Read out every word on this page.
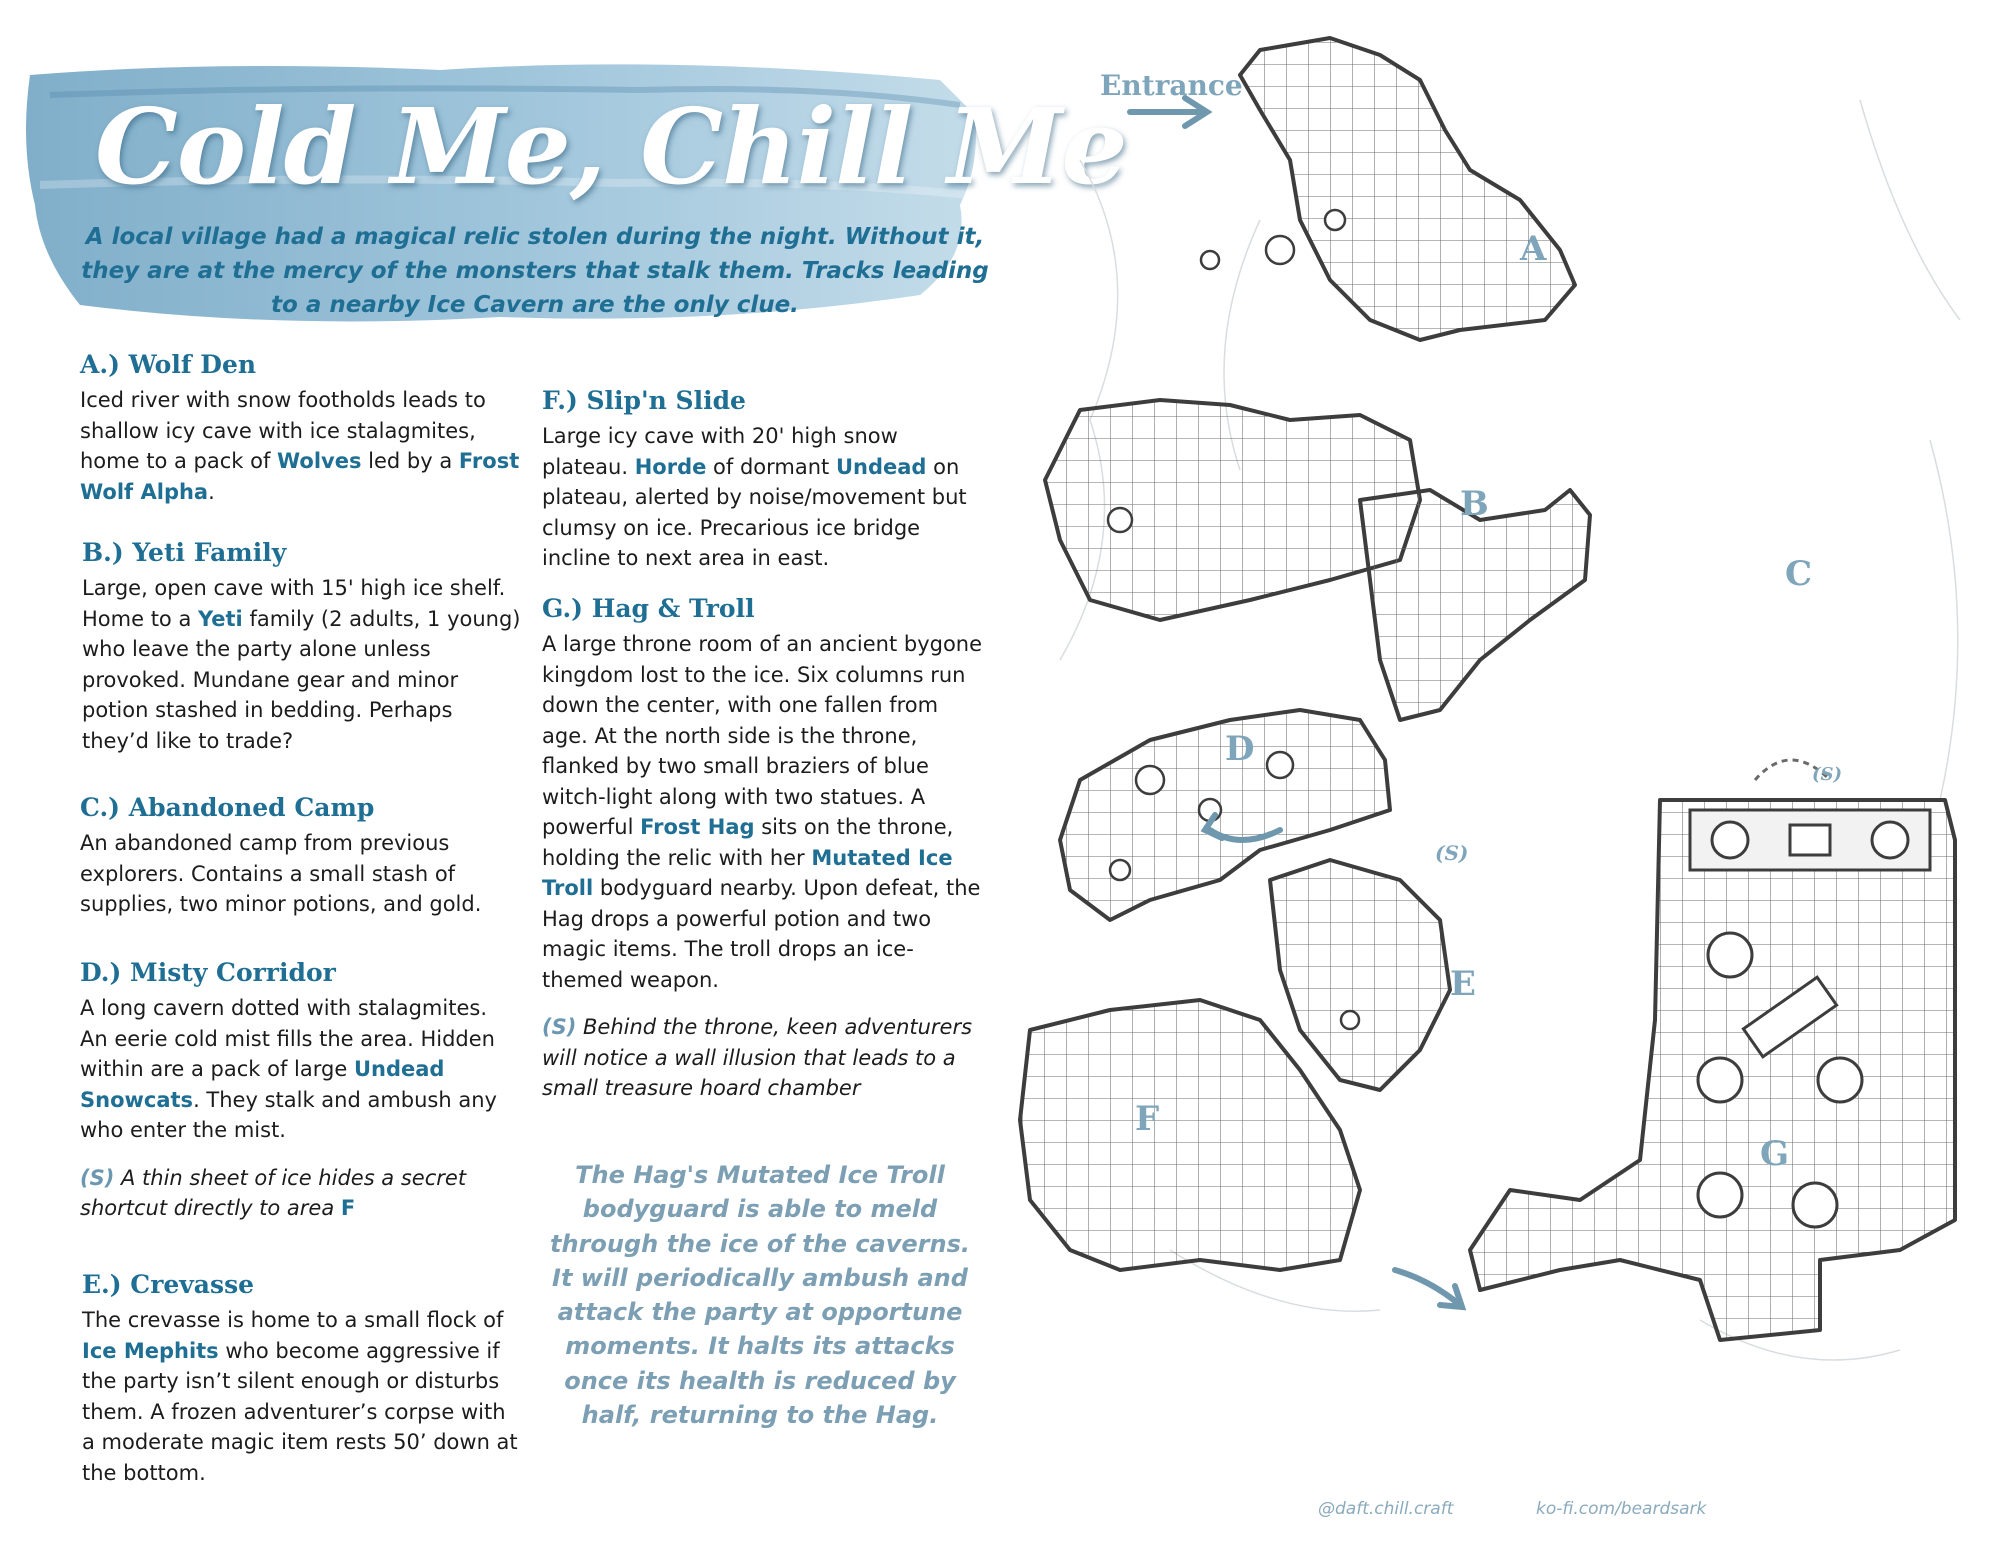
Cold Me, Chill Me

A local village had a magical relic stolen during the night. Without it, they are at the mercy of the monsters that stalk them. Tracks leading to a nearby Ice Cavern are the only clue.

A.) Wolf Den

Iced river with snow footholds leads to shallow icy cave with ice stalagmites, home to a pack of Wolves led by a Frost Wolf Alpha.

B.) Yeti Family

Large, open cave with 15' high ice shelf. Home to a Yeti family (2 adults, 1 young) who leave the party alone unless provoked. Mundane gear and minor potion stashed in bedding. Perhaps they’d like to trade?

C.) Abandoned Camp

An abandoned camp from previous explorers. Contains a small stash of supplies, two minor potions, and gold.

D.) Misty Corridor

A long cavern dotted with stalagmites. An eerie cold mist fills the area. Hidden within are a pack of large Undead Snowcats. They stalk and ambush any who enter the mist.

(S) A thin sheet of ice hides a secret shortcut directly to area F

E.) Crevasse

The crevasse is home to a small flock of Ice Mephits who become aggressive if the party isn’t silent enough or disturbs them. A frozen adventurer’s corpse with a moderate magic item rests 50’ down at the bottom.

F.) Slip'n Slide

Large icy cave with 20' high snow plateau. Horde of dormant Undead on plateau, alerted by noise/movement but clumsy on ice. Precarious ice bridge incline to next area in east.

G.) Hag & Troll

A large throne room of an ancient bygone kingdom lost to the ice. Six columns run down the center, with one fallen from age. At the north side is the throne, flanked by two small braziers of blue witch-light along with two statues. A powerful Frost Hag sits on the throne, holding the relic with her Mutated Ice Troll bodyguard nearby. Upon defeat, the Hag drops a powerful potion and two magic items. The troll drops an ice-themed weapon.

(S) Behind the throne, keen adventurers will notice a wall illusion that leads to a small treasure hoard chamber

The Hag's Mutated Ice Troll bodyguard is able to meld through the ice of the caverns. It will periodically ambush and attack the party at opportune moments. It halts its attacks once its health is reduced by half, returning to the Hag.

Entrance
A
B
C
D
E
F
G
(S)
(S)
@daft.chill.craft	ko-fi.com/beardsark
